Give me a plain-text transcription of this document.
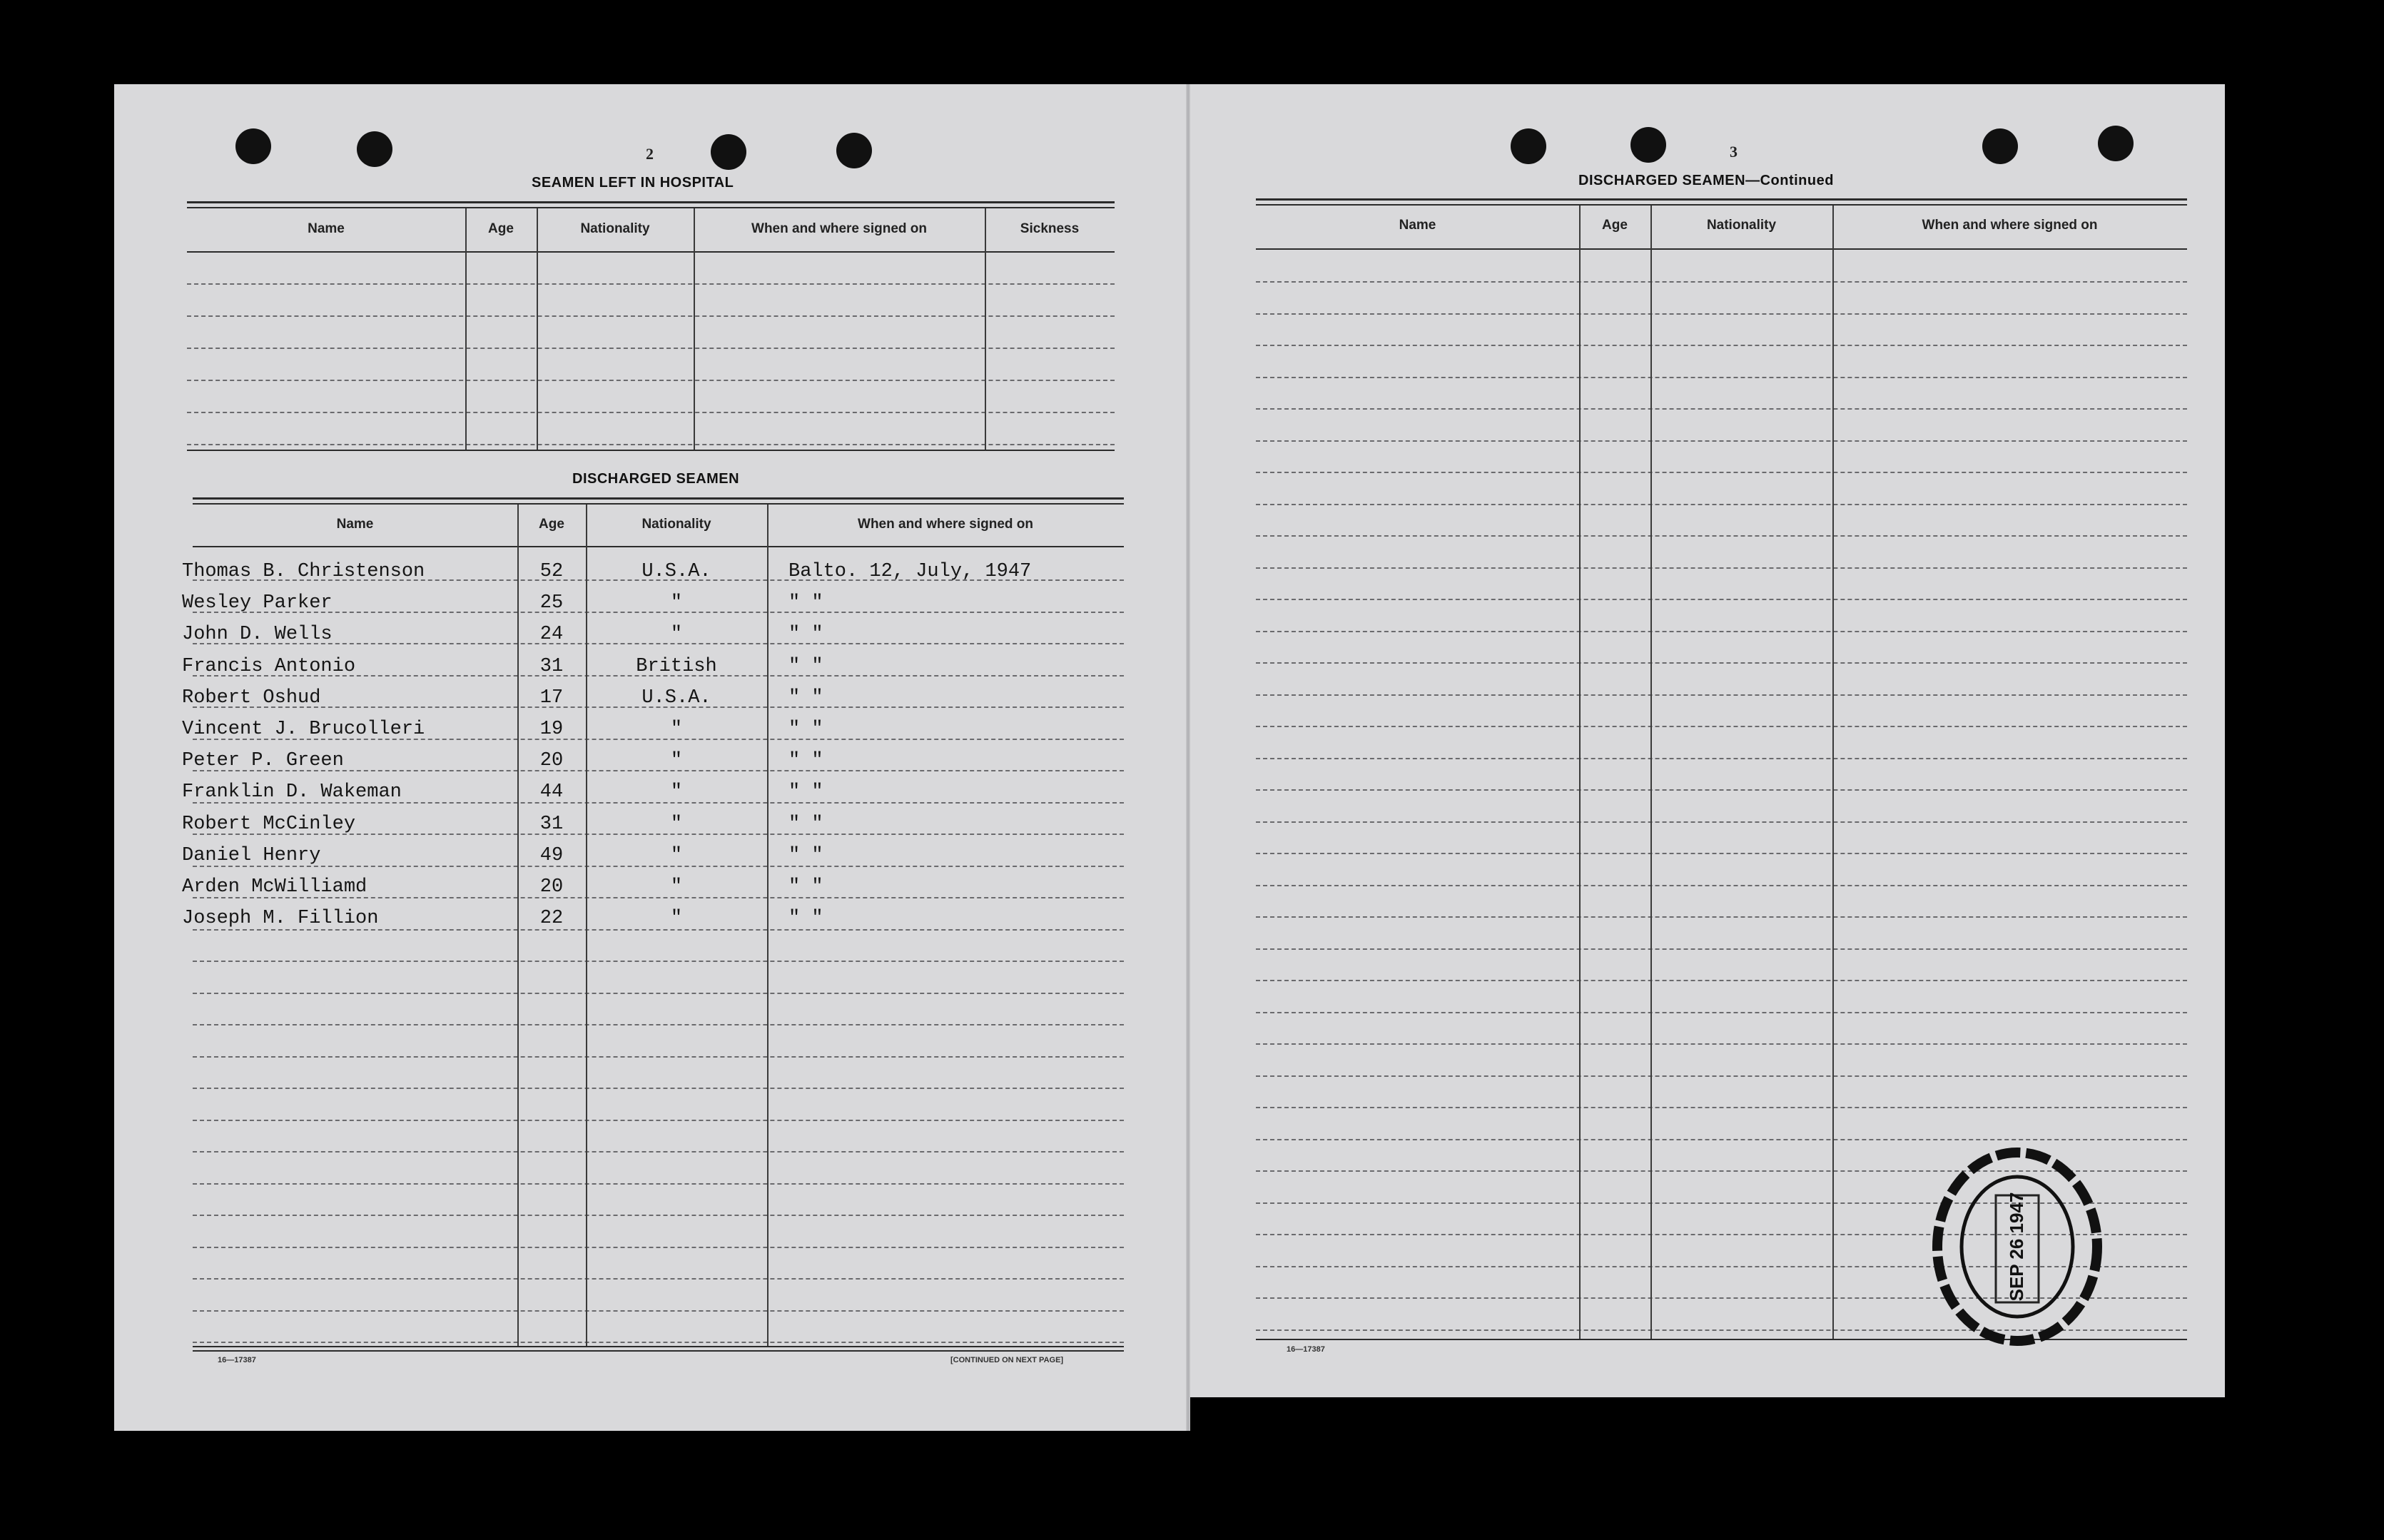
2
SEAMEN LEFT IN HOSPITAL
Name	Age	Nationality	When and where signed on	Sickness
DISCHARGED SEAMEN
Name	Age	Nationality	When and where signed on
Thomas B. Christenson	52	U.S.A.	Balto. 12, July, 1947
Wesley Parker	25	"	" "
John D. Wells	24	"	" "
Francis Antonio	31	British	" "
Robert Oshud	17	U.S.A.	" "
Vincent J. Brucolleri	19	"	" "
Peter P. Green	20	"	" "
Franklin D. Wakeman	44	"	" "
Robert McCinley	31	"	" "
Daniel Henry	49	"	" "
Arden McWilliamd	20	"	" "
Joseph M. Fillion	22	"	" "
16—17387	[CONTINUED ON NEXT PAGE]
3
DISCHARGED SEAMEN—Continued
Name	Age	Nationality	When and where signed on
16—17387
SEP 26 1947
